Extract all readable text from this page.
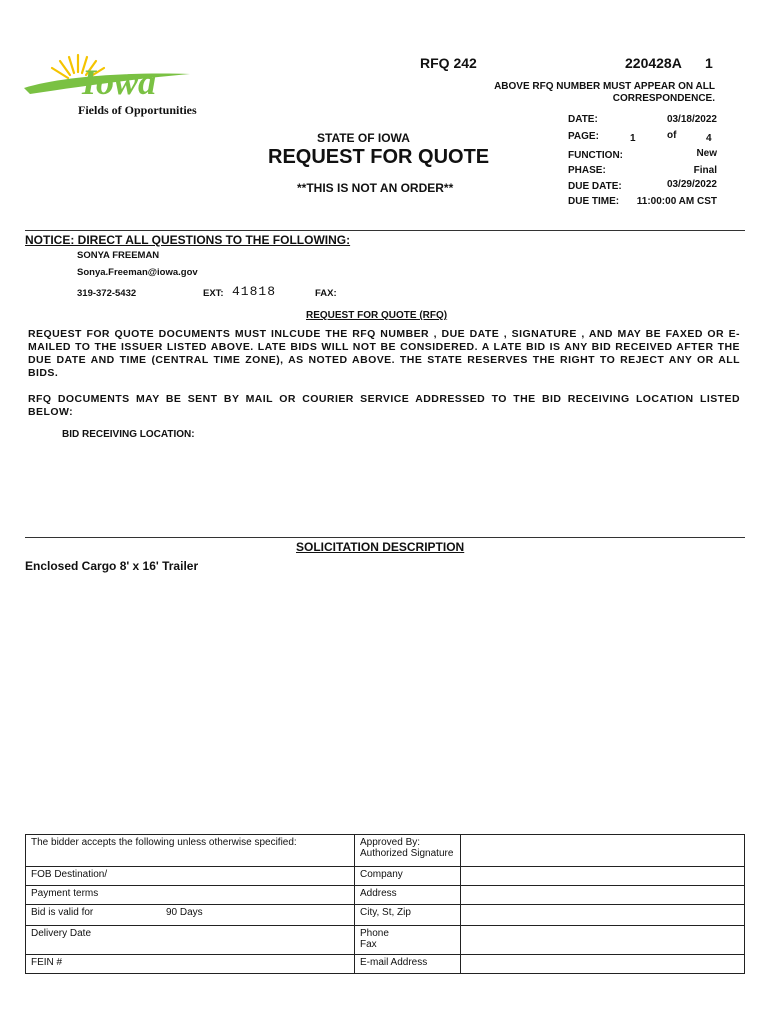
Iowa
Fields of Opportunities
RFQ 242	220428A 1
ABOVE RFQ NUMBER MUST APPEAR ON ALL
CORRESPONDENCE.
STATE OF IOWA
REQUEST FOR QUOTE
**THIS IS NOT AN ORDER**
DATE:	03/18/2022
PAGE:	1	of	4
FUNCTION:	New
PHASE:	Final
DUE DATE:	03/29/2022
DUE TIME: 11:00:00 AM CST
NOTICE: DIRECT ALL QUESTIONS TO THE FOLLOWING:
SONYA FREEMAN
Sonya.Freeman@iowa.gov
319-372-5432	EXT: 41818	FAX:
REQUEST FOR QUOTE (RFQ)
REQUEST FOR QUOTE DOCUMENTS MUST INLCUDE THE RFQ NUMBER , DUE DATE , SIGNATURE , AND MAY BE FAXED OR E-MAILED TO THE ISSUER LISTED ABOVE. LATE BIDS WILL NOT BE CONSIDERED. A LATE BID IS ANY BID RECEIVED AFTER THE DUE DATE AND TIME (CENTRAL TIME ZONE), AS NOTED ABOVE. THE STATE RESERVES THE RIGHT TO REJECT ANY OR ALL BIDS.
RFQ DOCUMENTS MAY BE SENT BY MAIL OR COURIER SERVICE ADDRESSED TO THE BID RECEIVING LOCATION LISTED BELOW:
BID RECEIVING LOCATION:
SOLICITATION DESCRIPTION
Enclosed Cargo 8' x 16' Trailer
The bidder accepts the following unless otherwise specified:	Approved By:
Authorized Signature	

FOB Destination/	Company	
Payment terms	Address	
Bid is valid for 90 Days	City, St, Zip	
Delivery Date	Phone
Fax	

FEIN #	E-mail Address	
